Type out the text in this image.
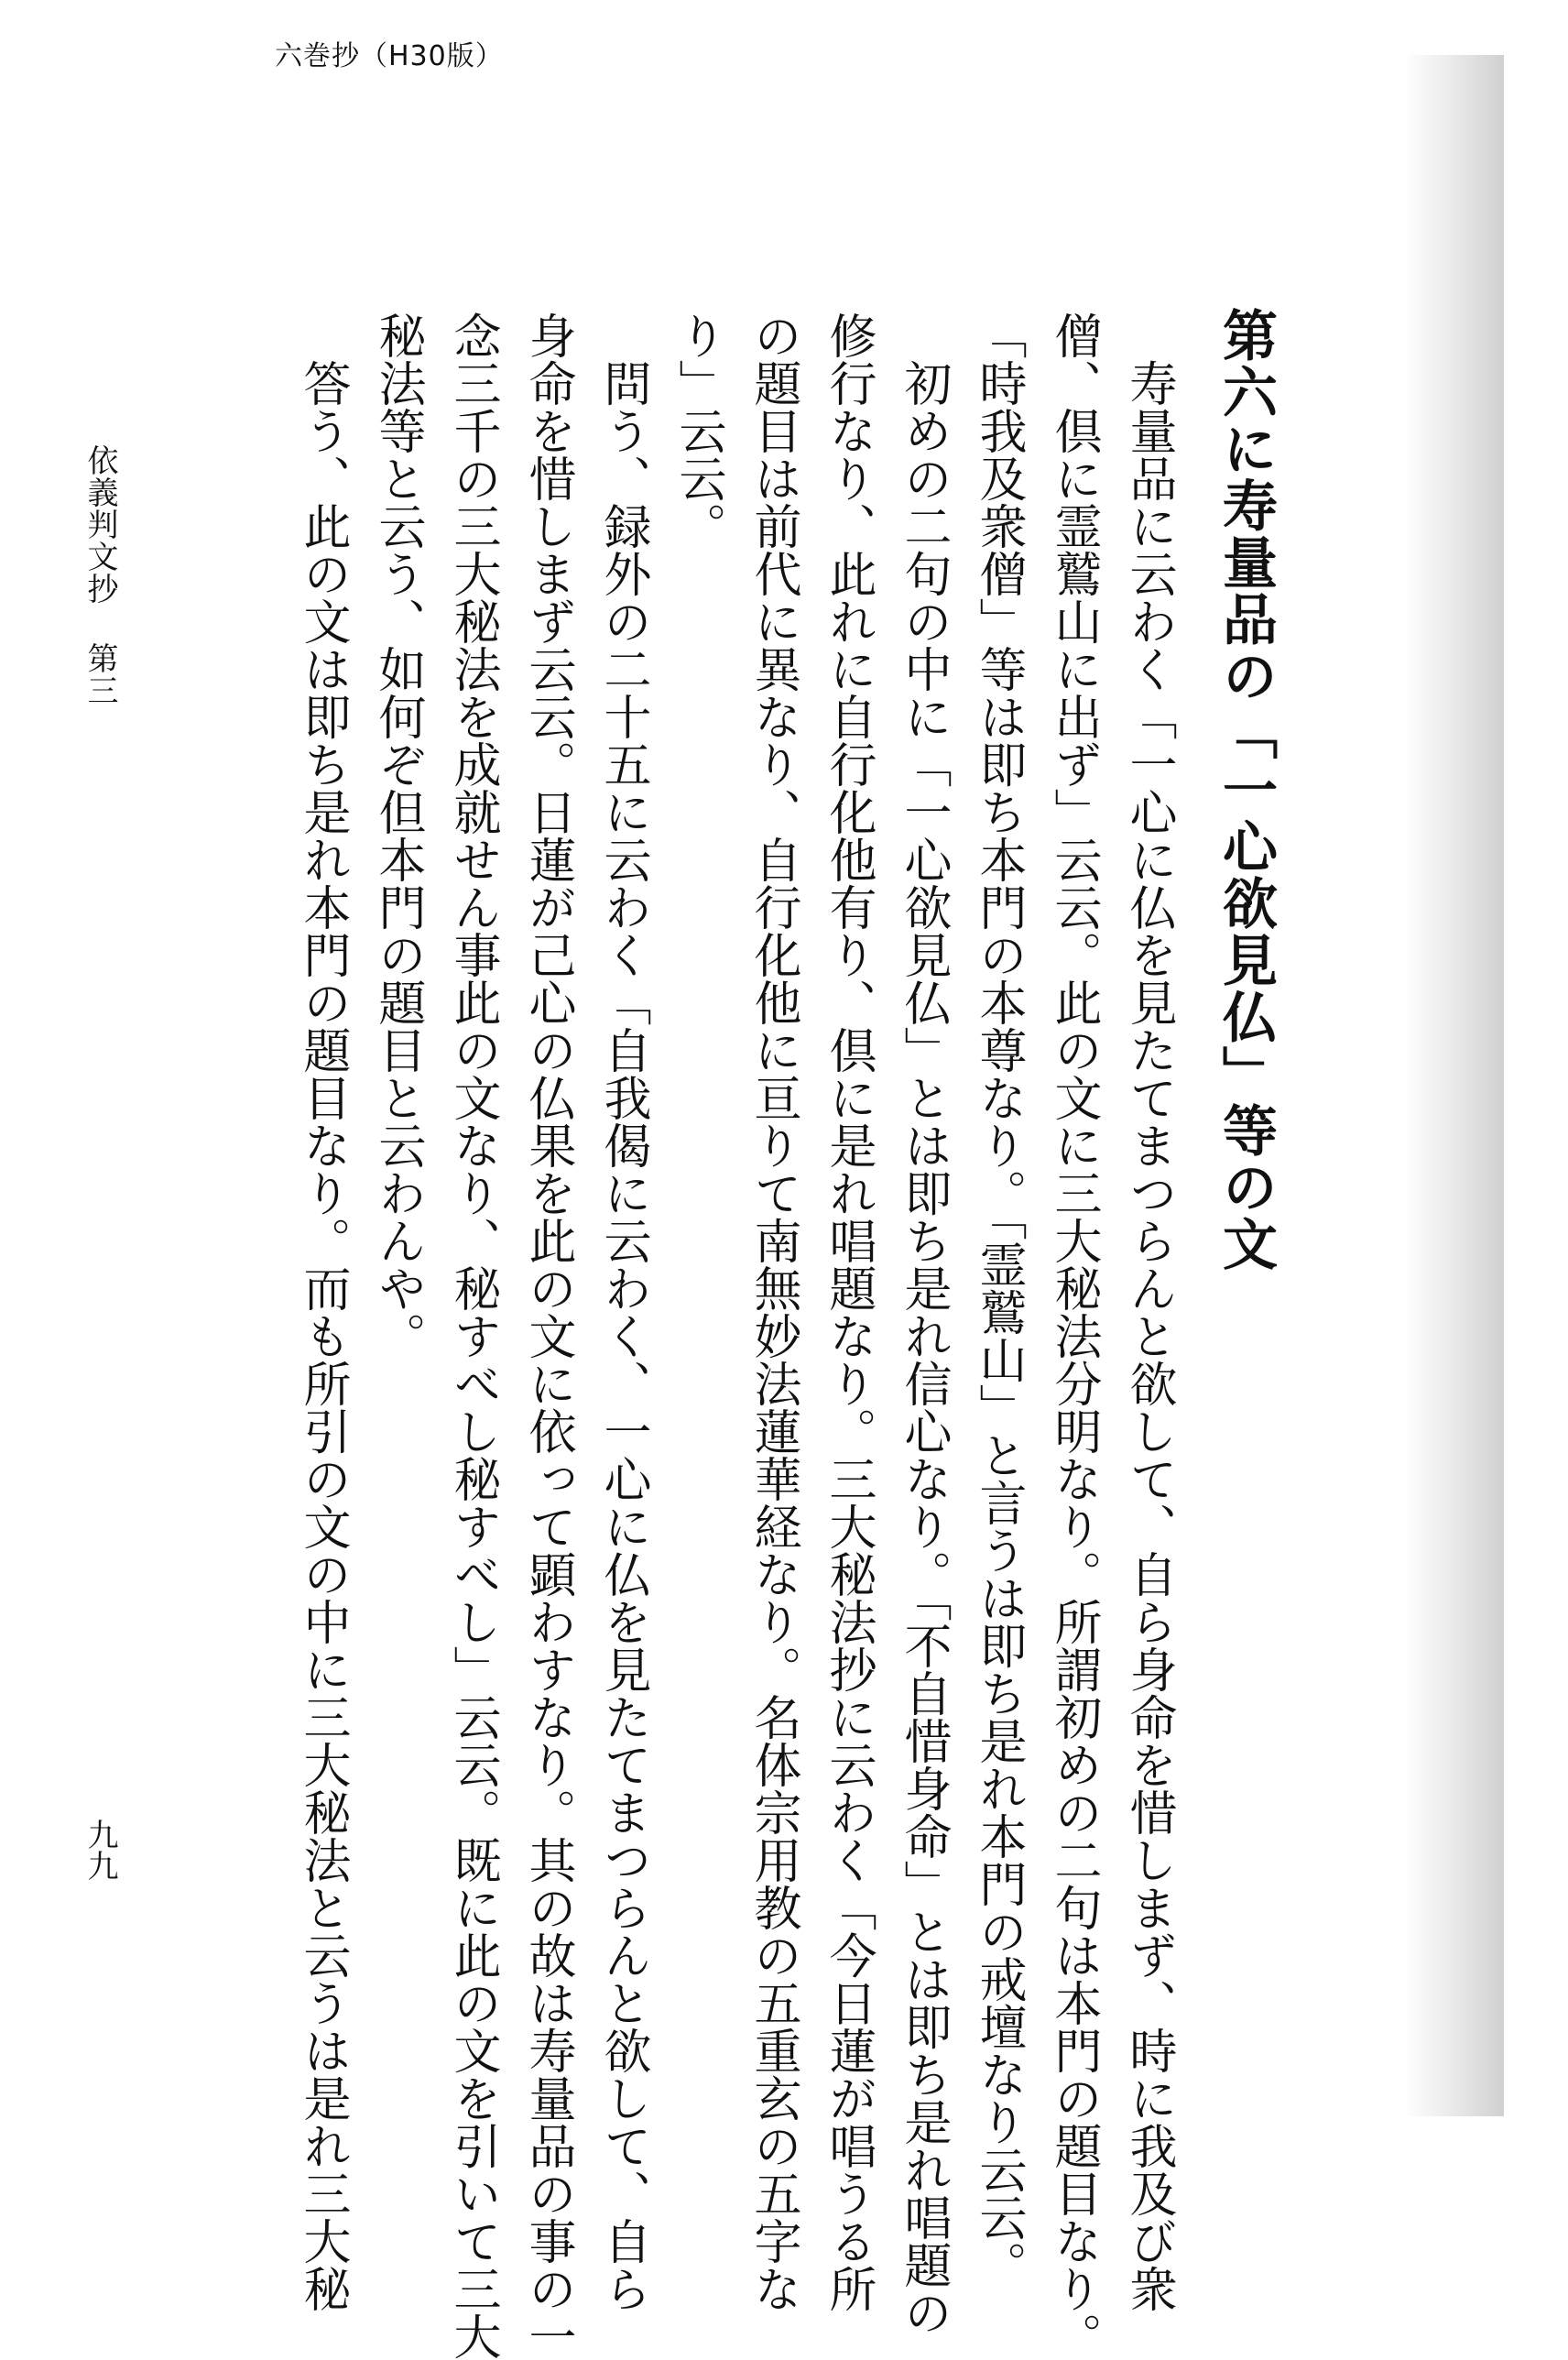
六巻抄（H30版）
第六に寿量品の「一心欲見仏」等の文
寿量品に云わく「一心に仏を見たてまつらんと欲して、自ら身命を惜しまず、時に我及び衆
僧、倶に霊鷲山に出ず」云云。此の文に三大秘法分明なり。所謂初めの二句は本門の題目なり。
「時我及衆僧」等は即ち本門の本尊なり。「霊鷲山」と言うは即ち是れ本門の戒壇なり云云。
初めの二句の中に「一心欲見仏」とは即ち是れ信心なり。「不自惜身命」とは即ち是れ唱題の
修行なり、此れに自行化他有り、倶に是れ唱題なり。三大秘法抄に云わく「今日蓮が唱うる所
の題目は前代に異なり、自行化他に亘りて南無妙法蓮華経なり。名体宗用教の五重玄の五字な
り」云云。
問う、録外の二十五に云わく「自我偈に云わく、一心に仏を見たてまつらんと欲して、自ら
身命を惜しまず云云。日蓮が己心の仏果を此の文に依って顕わすなり。其の故は寿量品の事の一
念三千の三大秘法を成就せん事此の文なり、秘すべし秘すべし」云云。既に此の文を引いて三大
秘法等と云う、如何ぞ但本門の題目と云わんや。
答う、此の文は即ち是れ本門の題目なり。而も所引の文の中に三大秘法と云うは是れ三大秘
依義判文抄 第三
九九
